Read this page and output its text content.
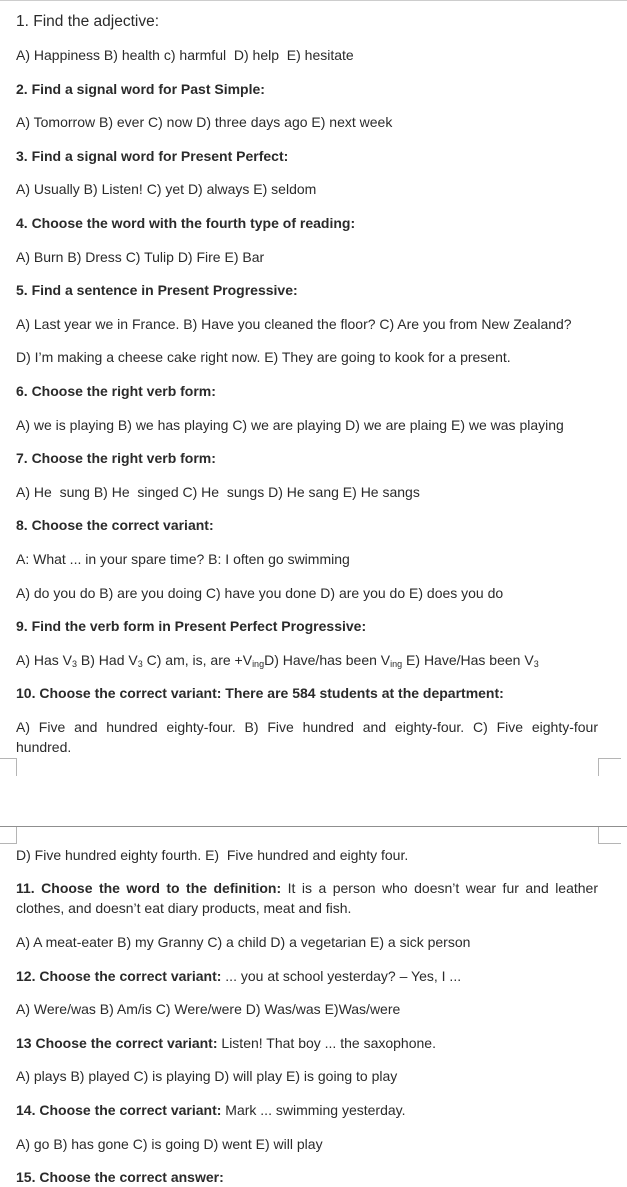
1. Find the adjective:

A) Happiness B) health c) harmful  D) help  E) hesitate

2. Find a signal word for Past Simple:

A) Tomorrow B) ever C) now D) three days ago E) next week

3. Find a signal word for Present Perfect:

A) Usually B) Listen! C) yet D) always E) seldom

4. Choose the word with the fourth type of reading:

A) Burn B) Dress C) Tulip D) Fire E) Bar

5. Find a sentence in Present Progressive:

A) Last year we in France. B) Have you cleaned the floor? C) Are you from New Zealand?

D) I’m making a cheese cake right now. E) They are going to kook for a present.

6. Choose the right verb form:

A) we is playing B) we has playing C) we are playing D) we are plaing E) we was playing

7. Choose the right verb form:

A) He  sung B) He  singed C) He  sungs D) He sang E) He sangs

8. Choose the correct variant:

A: What ... in your spare time? B: I often go swimming

A) do you do B) are you doing C) have you done D) are you do E) does you do

9. Find the verb form in Present Perfect Progressive:

A) Has $V_3$ B) Had $V_3$ C) am, is, are $+V_{ing}D$) Have/has been $V_{ing}$ E) Have/Has been $V_3$

10. Choose the correct variant: There are 584 students at the department:

A) Five and hundred eighty-four. B) Five hundred and eighty-four. C) Five eighty-four hundred.

D) Five hundred eighty fourth. E)  Five hundred and eighty four.

11. Choose the word to the definition: It is a person who doesn’t wear fur and leather clothes, and doesn’t eat diary products, meat and fish.

A) A meat-eater B) my Granny C) a child D) a vegetarian E) a sick person

12. Choose the correct variant: ... you at school yesterday? – Yes, I ...

A) Were/was B) Am/is C) Were/were D) Was/was E)Was/were

13 Choose the correct variant: Listen! That boy ... the saxophone.

A) plays B) played C) is playing D) will play E) is going to play

14. Choose the correct variant: Mark ... swimming yesterday.

A) go B) has gone C) is going D) went E) will play

15. Choose the correct answer:
